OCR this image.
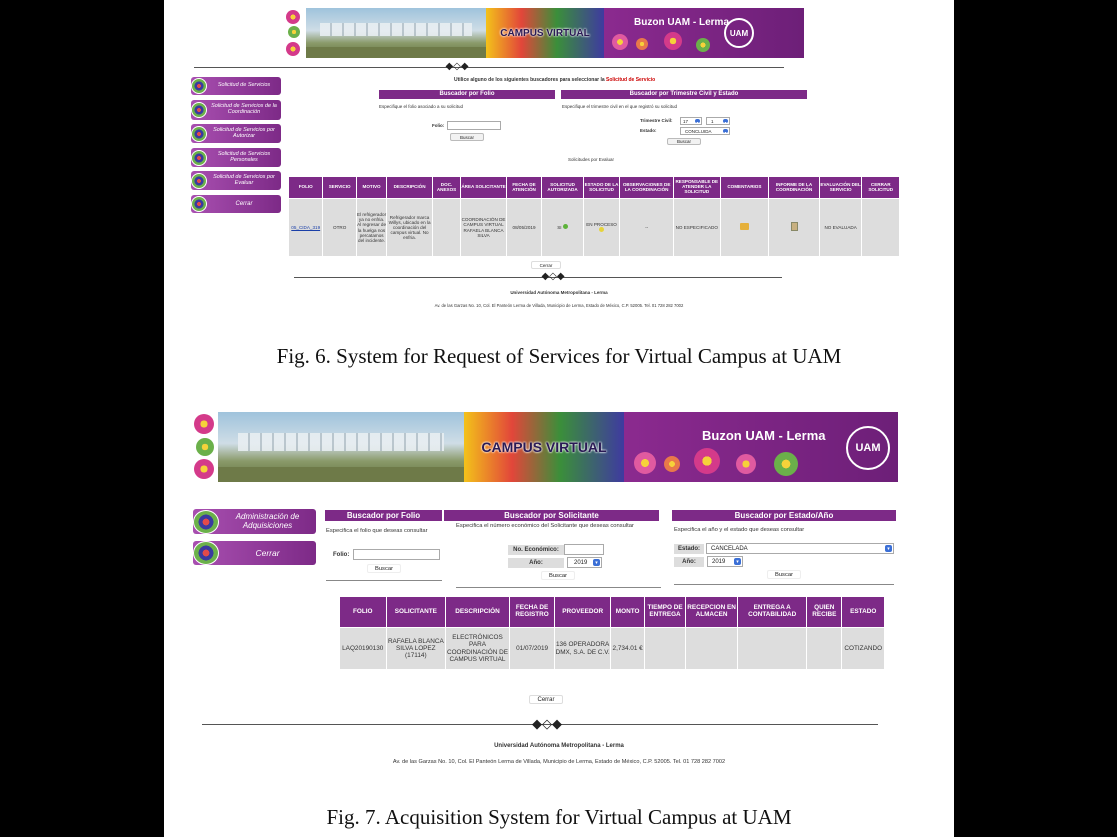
CAMPUS VIRTUAL
Buzon UAM - Lerma
UAM
◆◇◆
Solicitud de Servicios
Solicitud de Servicios de la Coordinación
Solicitud de Servicios por Autorizar
Solicitud de Servicios Personales
Solicitud de Servicios por Evaluar
Cerrar
Utilice alguno de los siguientes buscadores para seleccionar la Solicitud de Servicio
Buscador por Folio
Especifique el folio asociado a su solicitud
Folio:
Buscar
Buscador por Trimestre Civil y Estado
Especifique el trimestre civil en el que registró su solicitud
Trimestre Civil:	17	▾	1	▾
Estado:	CONCLUIDA	▾
Buscar
Solicitudes por Evaluar
FOLIO	SERVICIO	MOTIVO	DESCRIPCIÓN	DOC. ANEXOS	ÁREA SOLICITANTE	FECHA DE ATENCIÓN	SOLICITUD AUTORIZADA	ESTADO DE LA SOLICITUD	OBSERVACIONES DE LA COORDINACIÓN	RESPONSABLE DE ATENDER LA SOLICITUD	COMENTARIOS	INFORME DE LA COORDINACIÓN	EVALUACIÓN DEL SERVICIO	CERRAR SOLICITUD
05_CIDA_319	OTRO	El refrigerador ya no enfria. Al regresar de la huelga nos percatamos del incidente.	Refrigerador marca Willys, ubicado en la coordinación del campus virtual. No enfria.		COORDINACIÓN DE CAMPUS VIRTUAL RAFAELA BLANCA SILVA	08/05/2019	SI	EN PROCESO	--	NO ESPECIFICADO			NO EVALUADA	
Cerrar
◆◇◆
Universidad Autónoma Metropolitana - Lerma
Av. de las Garzas No. 10, Col. El Panteón Lerma de Villada, Municipio de Lerma, Estado de México, C.P. 52005. Tel. 01 728 282 7002
Fig. 6. System for Request of Services for Virtual Campus at UAM
CAMPUS VIRTUAL
Buzon UAM - Lerma
UAM
Administración de Adquisiciones
Cerrar
Buscador por Folio
Especifica el folio que deseas consultar
Folio:
Buscar
Buscador por Solicitante
Especifica el número económico del Solicitante que deseas consultar
No. Económico:
Año:	2019	▾
Buscar
Buscador por Estado/Año
Especifica el año y el estado que deseas consultar
Estado:	CANCELADA	▾
Año:	2019	▾
Buscar
FOLIO	SOLICITANTE	DESCRIPCIÓN	FECHA DE REGISTRO	PROVEEDOR	MONTO	TIEMPO DE ENTREGA	RECEPCION EN ALMACEN	ENTREGA A CONTABILIDAD	QUIEN RECIBE	ESTADO
LAQ20190130	RAFAELA BLANCA SILVA LOPEZ (17114)	ELECTRÓNICOS PARA COORDINACIÓN DE CAMPUS VIRTUAL	01/07/2019	136 OPERADORA DMX, S.A. DE C.V.	2,734.01 €					COTIZANDO
Cerrar
◆◇◆
Universidad Autónoma Metropolitana - Lerma
Av. de las Garzas No. 10, Col. El Panteón Lerma de Villada, Municipio de Lerma, Estado de México, C.P. 52005. Tel. 01 728 282 7002
Fig. 7. Acquisition System for Virtual Campus at UAM
